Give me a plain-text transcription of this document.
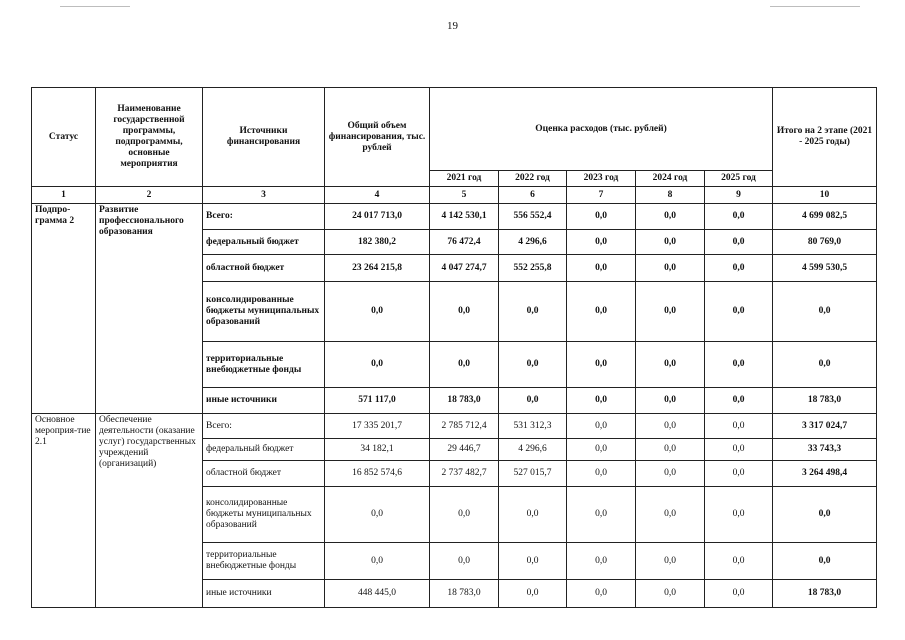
19
Статус	Наименование государственной программы, подпрограммы, основные мероприятия	Источники финансирования	Общий объем финансирования, тыс. рублей	Оценка расходов (тыс. рублей)					Итого на 2 этапе (2021 - 2025 годы)
				2021 год	2022 год	2023 год	2024 год	2025 год	
1	2	3	4	5	6	7	8	9	10
Подпро-грамма 2	Развитие профессионального образования	Всего:	24 017 713,0	4 142 530,1	556 552,4	0,0	0,0	0,0	4 699 082,5
		федеральный бюджет	182 380,2	76 472,4	4 296,6	0,0	0,0	0,0	80 769,0
		областной бюджет	23 264 215,8	4 047 274,7	552 255,8	0,0	0,0	0,0	4 599 530,5
		консолидированные бюджеты муниципальных образований	0,0	0,0	0,0	0,0	0,0	0,0	0,0
		территориальные внебюджетные фонды	0,0	0,0	0,0	0,0	0,0	0,0	0,0
		иные источники	571 117,0	18 783,0	0,0	0,0	0,0	0,0	18 783,0
Основное мероприя-тие 2.1	Обеспечение деятельности (оказание услуг) государственных учреждений (организаций)	Всего:	17 335 201,7	2 785 712,4	531 312,3	0,0	0,0	0,0	3 317 024,7
		федеральный бюджет	34 182,1	29 446,7	4 296,6	0,0	0,0	0,0	33 743,3
		областной бюджет	16 852 574,6	2 737 482,7	527 015,7	0,0	0,0	0,0	3 264 498,4
		консолидированные бюджеты муниципальных образований	0,0	0,0	0,0	0,0	0,0	0,0	0,0
		территориальные внебюджетные фонды	0,0	0,0	0,0	0,0	0,0	0,0	0,0
		иные источники	448 445,0	18 783,0	0,0	0,0	0,0	0,0	18 783,0
